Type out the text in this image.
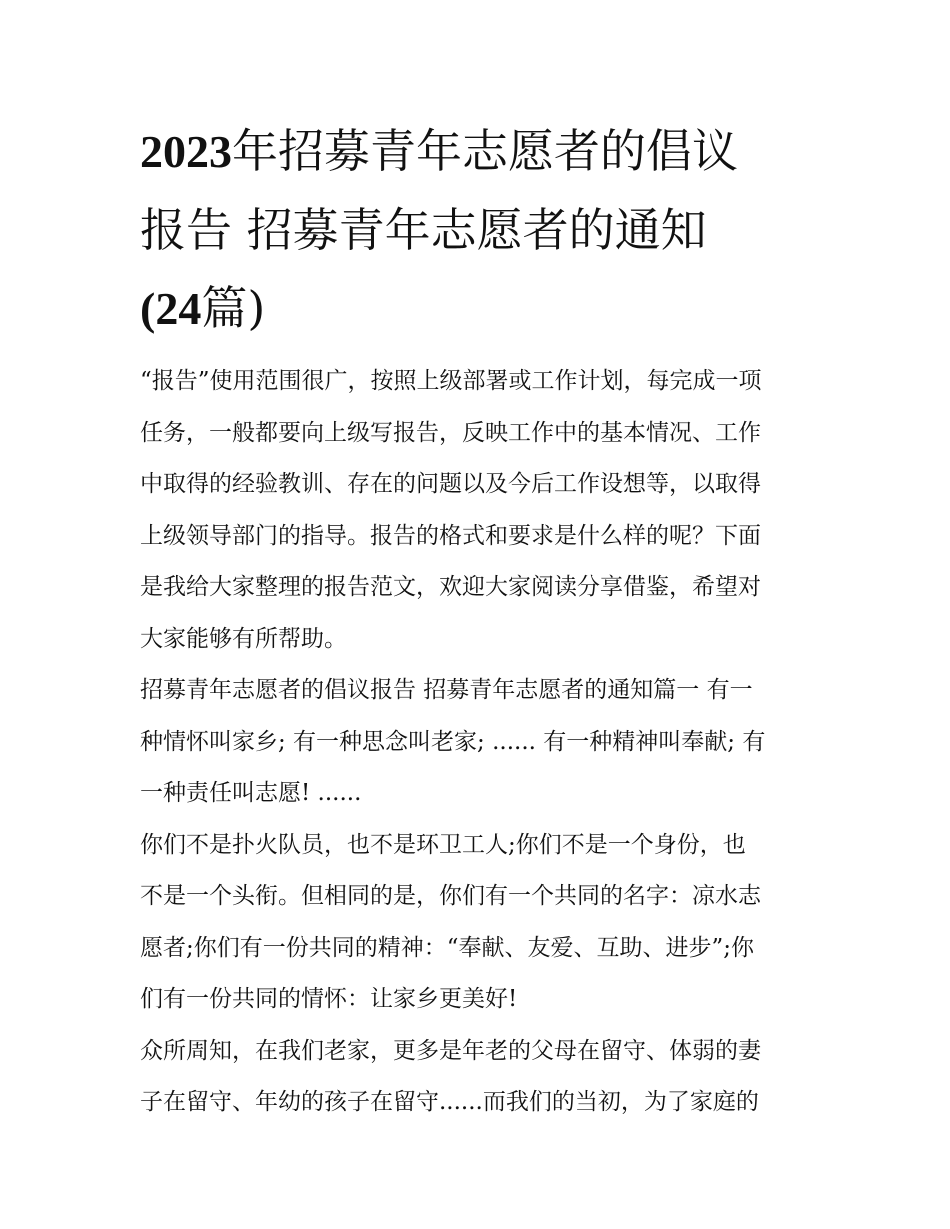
2023年招募青年志愿者的倡议
报告 招募青年志愿者的通知
(24篇)

“报告”使用范围很广，按照上级部署或工作计划，每完成一项
任务，一般都要向上级写报告，反映工作中的基本情况、工作
中取得的经验教训、存在的问题以及今后工作设想等，以取得
上级领导部门的指导。报告的格式和要求是什么样的呢？下面
是我给大家整理的报告范文，欢迎大家阅读分享借鉴，希望对
大家能够有所帮助。

招募青年志愿者的倡议报告 招募青年志愿者的通知篇一 有一
种情怀叫家乡; 有一种思念叫老家; ...... 有一种精神叫奉献; 有
一种责任叫志愿! ......

你们不是扑火队员，也不是环卫工人;你们不是一个身份，也
不是一个头衔。但相同的是，你们有一个共同的名字：凉水志
愿者;你们有一份共同的精神：“奉献、友爱、互助、进步”;你
们有一份共同的情怀：让家乡更美好!

众所周知，在我们老家，更多是年老的父母在留守、体弱的妻
子在留守、年幼的孩子在留守......而我们的当初，为了家庭的
